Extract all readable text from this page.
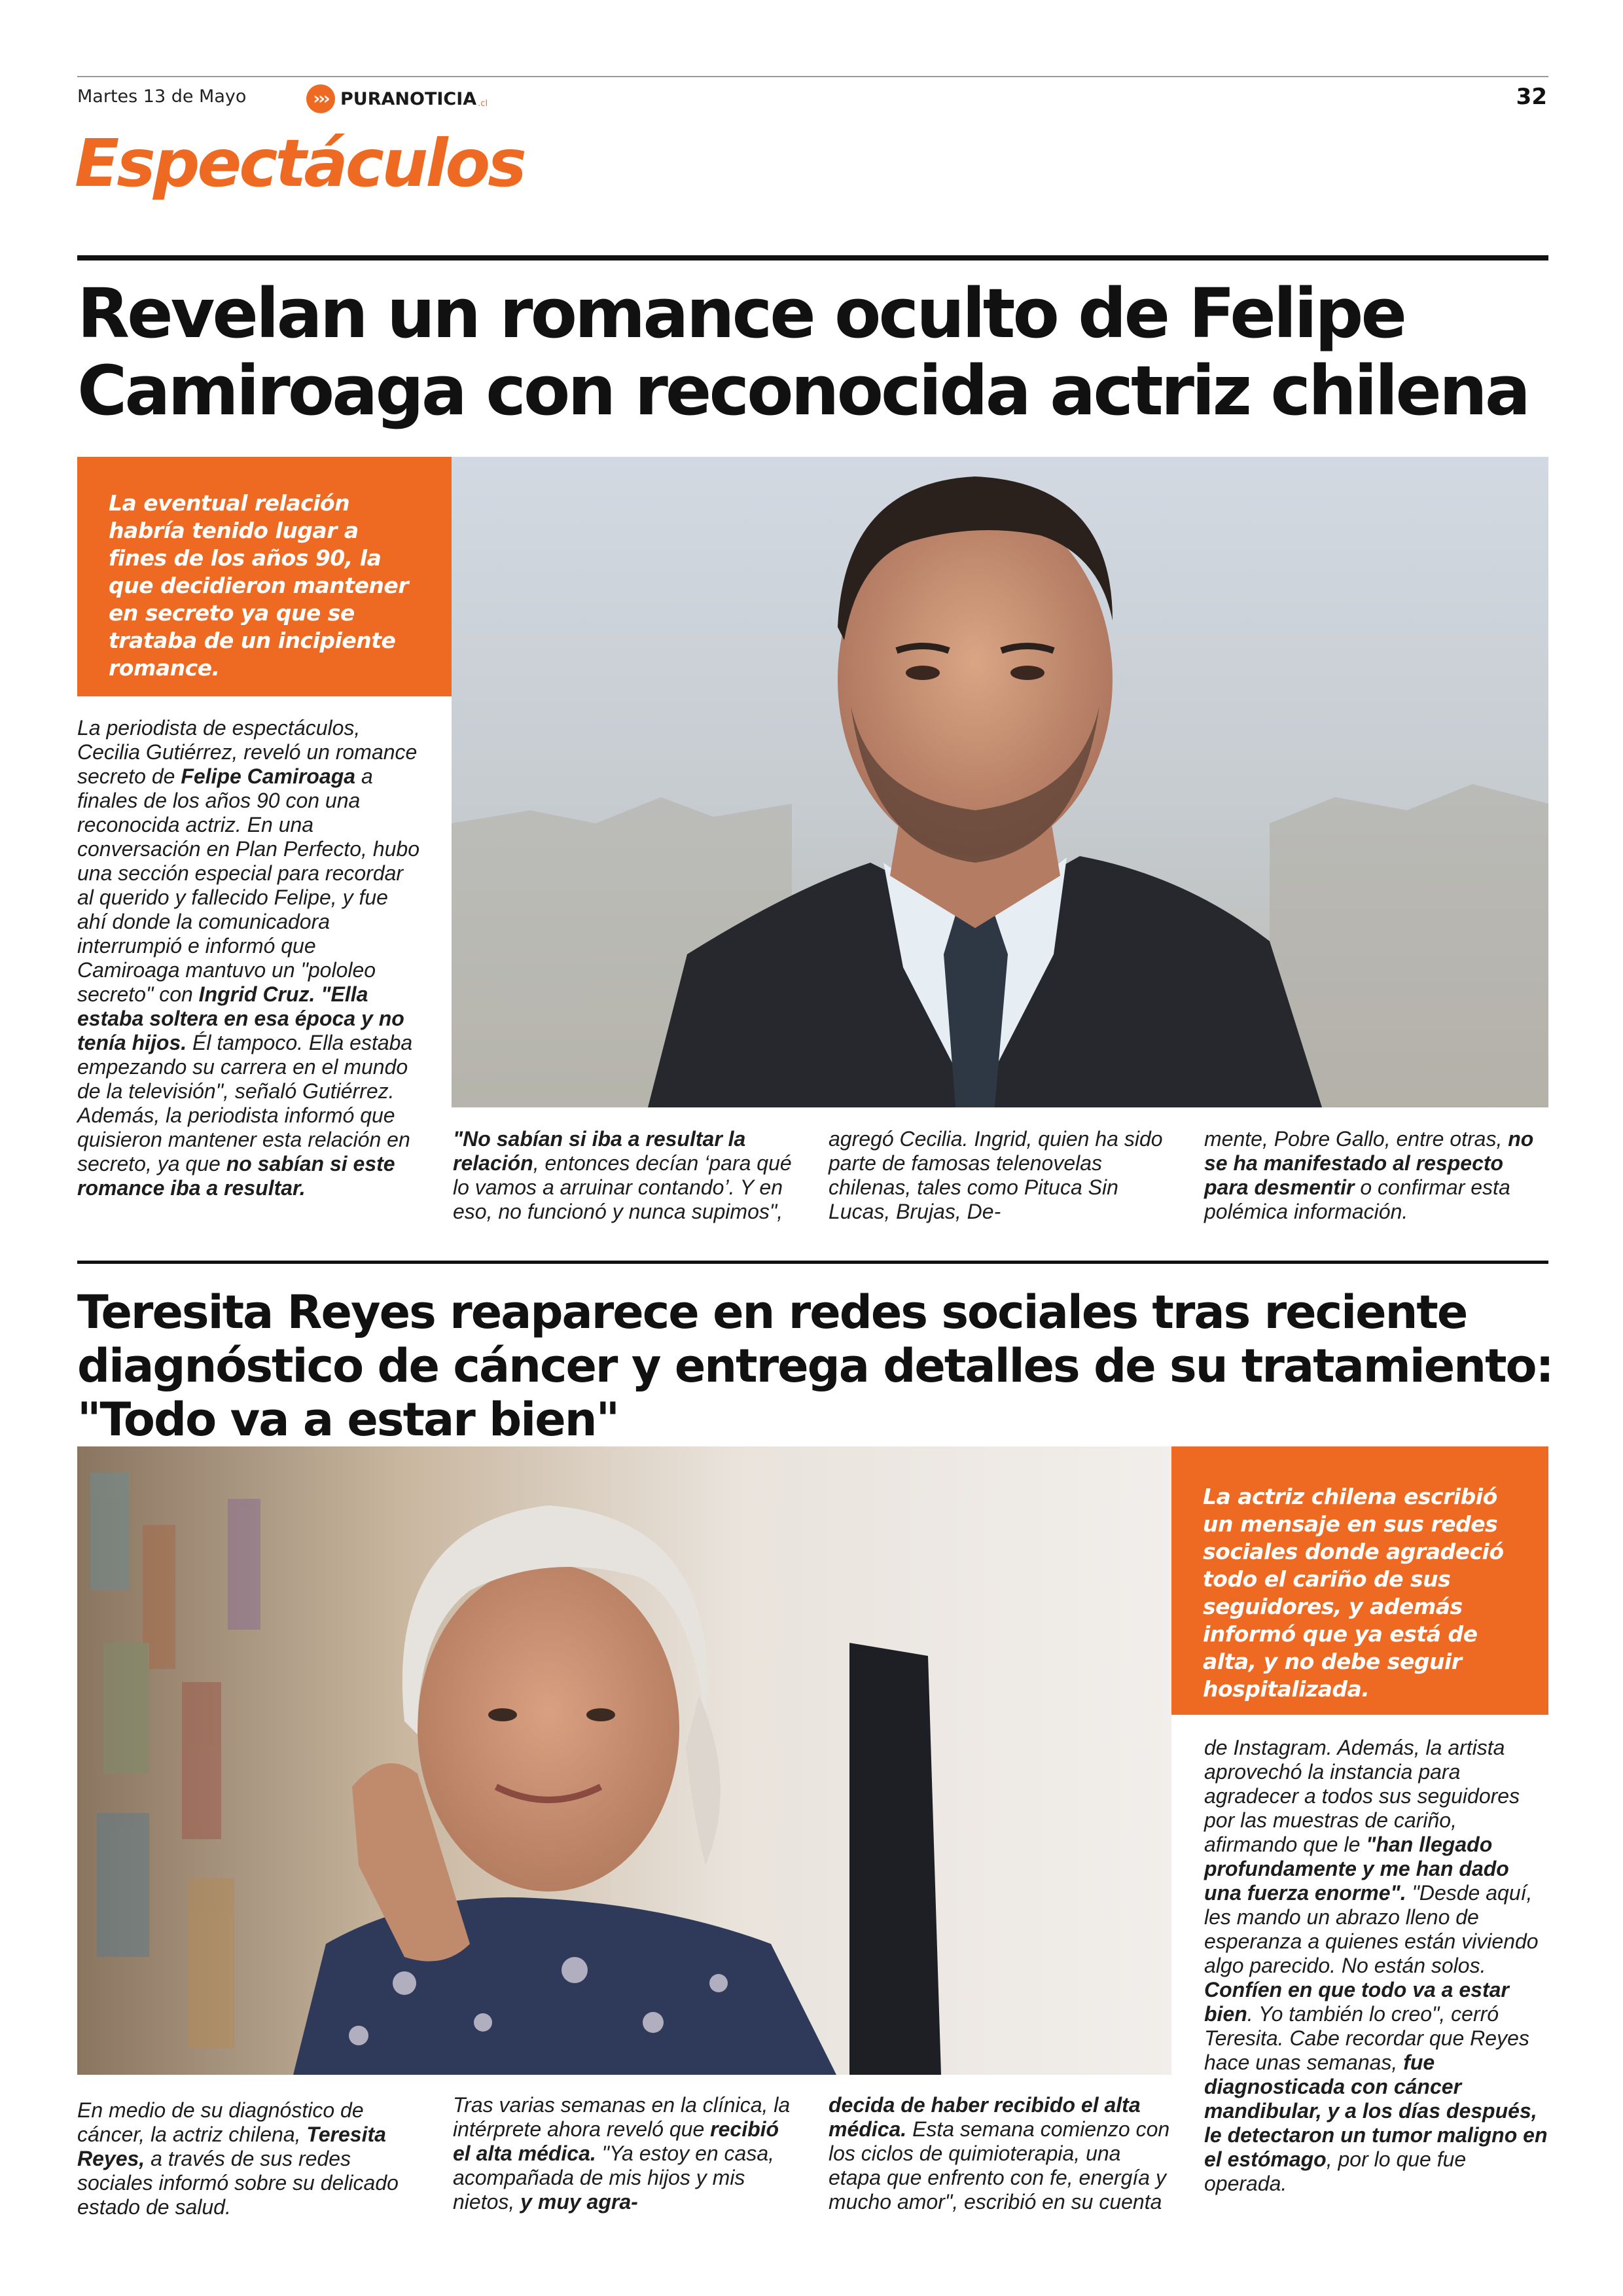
Martes 13 de Mayo	››› PURANOTICIA .cl	32
Espectáculos
Revelan un romance oculto de Felipe Camiroaga con reconocida actriz chilena
La eventual relación habría tenido lugar a fines de los años 90, la que decidieron mantener en secreto ya que se trataba de un incipiente romance.
La periodista de espectáculos, Cecilia Gutiérrez, reveló un romance secreto de Felipe Camiroaga a finales de los años 90 con una reconocida actriz. En una conversación en Plan Perfecto, hubo una sección especial para recordar al querido y fallecido Felipe, y fue ahí donde la comunicadora interrumpió e informó que Camiroaga mantuvo un "pololeo secreto" con Ingrid Cruz. "Ella estaba soltera en esa época y no tenía hijos. Él tampoco. Ella estaba empezando su carrera en el mundo de la televisión", señaló Gutiérrez. Además, la periodista informó que quisieron mantener esta relación en secreto, ya que no sabían si este romance iba a resultar.
"No sabían si iba a resultar la relación, entonces decían ‘para qué lo vamos a arruinar contando’. Y en eso, no funcionó y nunca supimos",
agregó Cecilia. Ingrid, quien ha sido parte de famosas telenovelas chilenas, tales como Pituca Sin Lucas, Brujas, De-
mente, Pobre Gallo, entre otras, no se ha manifestado al respecto para desmentir o confirmar esta polémica información.
Teresita Reyes reaparece en redes sociales tras reciente diagnóstico de cáncer y entrega detalles de su tratamiento: "Todo va a estar bien"
La actriz chilena escribió un mensaje en sus redes sociales donde agradeció todo el cariño de sus seguidores, y además informó que ya está de alta, y no debe seguir hospitalizada.
En medio de su diagnóstico de cáncer, la actriz chilena, Teresita Reyes, a través de sus redes sociales informó sobre su delicado estado de salud.
Tras varias semanas en la clínica, la intérprete ahora reveló que recibió el alta médica. "Ya estoy en casa, acompañada de mis hijos y mis nietos, y muy agra-
decida de haber recibido el alta médica. Esta semana comienzo con los ciclos de quimioterapia, una etapa que enfrento con fe, energía y mucho amor", escribió en su cuenta
de Instagram. Además, la artista aprovechó la instancia para agradecer a todos sus seguidores por las muestras de cariño, afirmando que le "han llegado profundamente y me han dado una fuerza enorme". "Desde aquí, les mando un abrazo lleno de esperanza a quienes están viviendo algo parecido. No están solos. Confíen en que todo va a estar bien. Yo también lo creo", cerró Teresita. Cabe recordar que Reyes hace unas semanas, fue diagnosticada con cáncer mandibular, y a los días después, le detectaron un tumor maligno en el estómago, por lo que fue operada.
